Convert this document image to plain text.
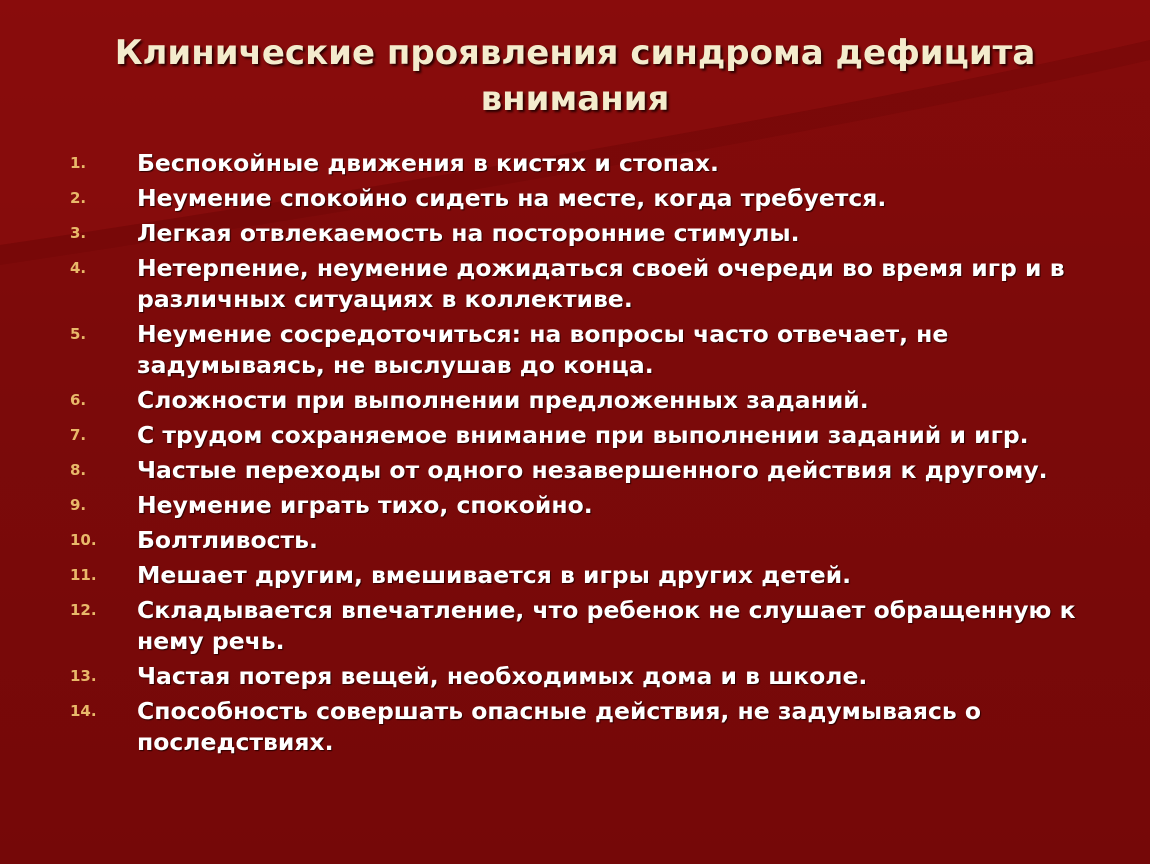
Клинические проявления синдрома дефицита внимания
1.	Беспокойные движения в кистях и стопах.
2.	Неумение спокойно сидеть на месте, когда требуется.
3.	Легкая отвлекаемость на посторонние стимулы.
4.	Нетерпение, неумение дожидаться своей очереди во время игр и в различных ситуациях в коллективе.
5.	Неумение сосредоточиться: на вопросы часто отвечает, не задумываясь, не выслушав до конца.
6.	Сложности при выполнении предложенных заданий.
7.	С трудом сохраняемое внимание при выполнении заданий и игр.
8.	Частые переходы от одного незавершенного действия к другому.
9.	Неумение играть тихо, спокойно.
10.	Болтливость.
11.	Мешает другим, вмешивается в игры других детей.
12.	Складывается впечатление, что ребенок не слушает обращенную к нему речь.
13.	Частая потеря вещей, необходимых дома и в школе.
14.	Способность совершать опасные действия, не задумываясь о последствиях.
